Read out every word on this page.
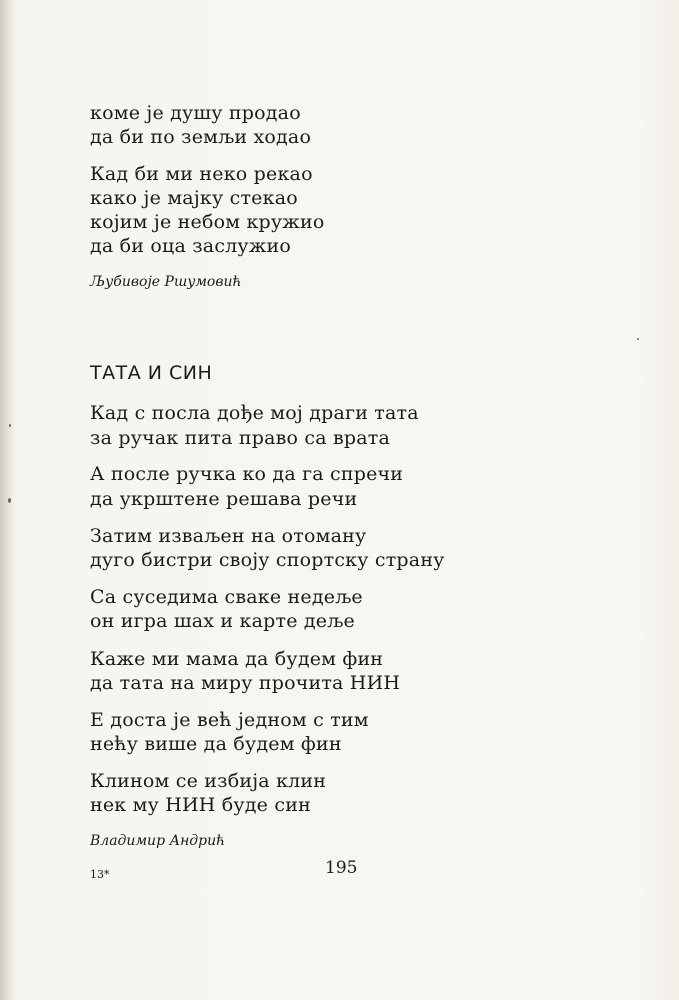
коме је душу продао
да би по земљи ходао
Кад би ми неко рекао
како је мајку стекао
којим је небом кружио
да би оца заслужио
Љубивоје Ршумовић
ТАТА И СИН
Кад с посла дође мој драги тата
за ручак пита право са врата
А после ручка ко да га спречи
да укрштене решава речи
Затим изваљен на отоману
дуго бистри своју спортску страну
Са суседима сваке недеље
он игра шах и карте деље
Каже ми мама да будем фин
да тата на миру прочита НИН
Е доста је већ једном с тим
нећу више да будем фин
Клином се избија клин
нек му НИН буде син
Владимир Андрић
13*	195
